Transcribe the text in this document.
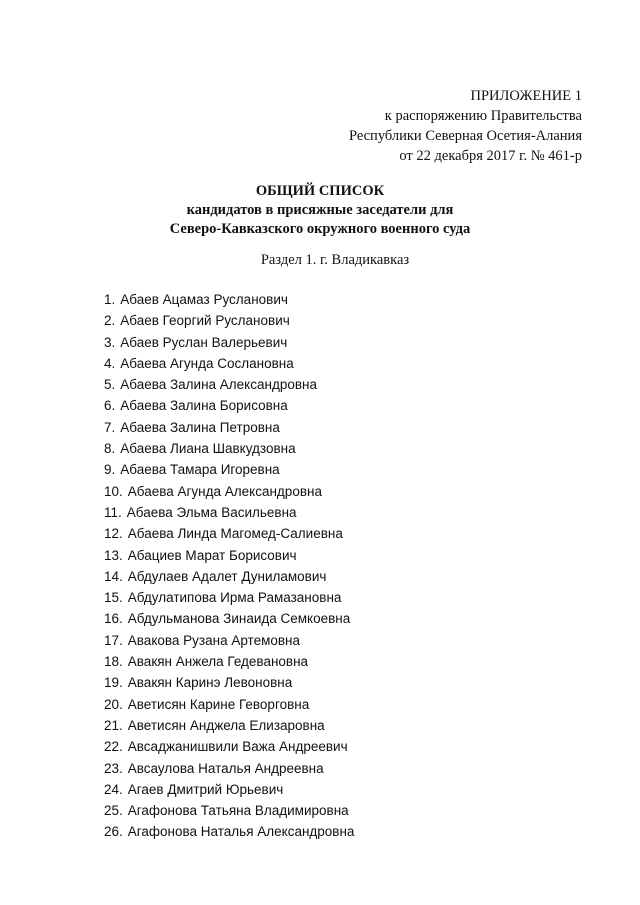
ПРИЛОЖЕНИЕ 1
к распоряжению Правительства
Республики Северная Осетия-Алания
от 22 декабря 2017 г. № 461-р
ОБЩИЙ СПИСОК
кандидатов в присяжные заседатели для
Северо-Кавказского окружного военного суда
Раздел 1. г. Владикавказ
1. Абаев Ацамаз Русланович
2. Абаев Георгий Русланович
3. Абаев Руслан Валерьевич
4. Абаева Агунда Сослановна
5. Абаева Залина Александровна
6. Абаева Залина Борисовна
7. Абаева Залина Петровна
8. Абаева Лиана Шавкудзовна
9. Абаева Тамара Игоревна
10. Абаева Агунда Александровна
11. Абаева Эльма Васильевна
12. Абаева Линда Магомед-Салиевна
13. Абациев Марат Борисович
14. Абдулаев Адалет Дуниламович
15. Абдулатипова Ирма Рамазановна
16. Абдульманова Зинаида Семкоевна
17. Авакова Рузана Артемовна
18. Авакян Анжела Гедевановна
19. Авакян Каринэ Левоновна
20. Аветисян Карине Геворговна
21. Аветисян Анджела Елизаровна
22. Авсаджанишвили Важа Андреевич
23. Авсаулова Наталья Андреевна
24. Агаев Дмитрий Юрьевич
25. Агафонова Татьяна Владимировна
26. Агафонова Наталья Александровна
